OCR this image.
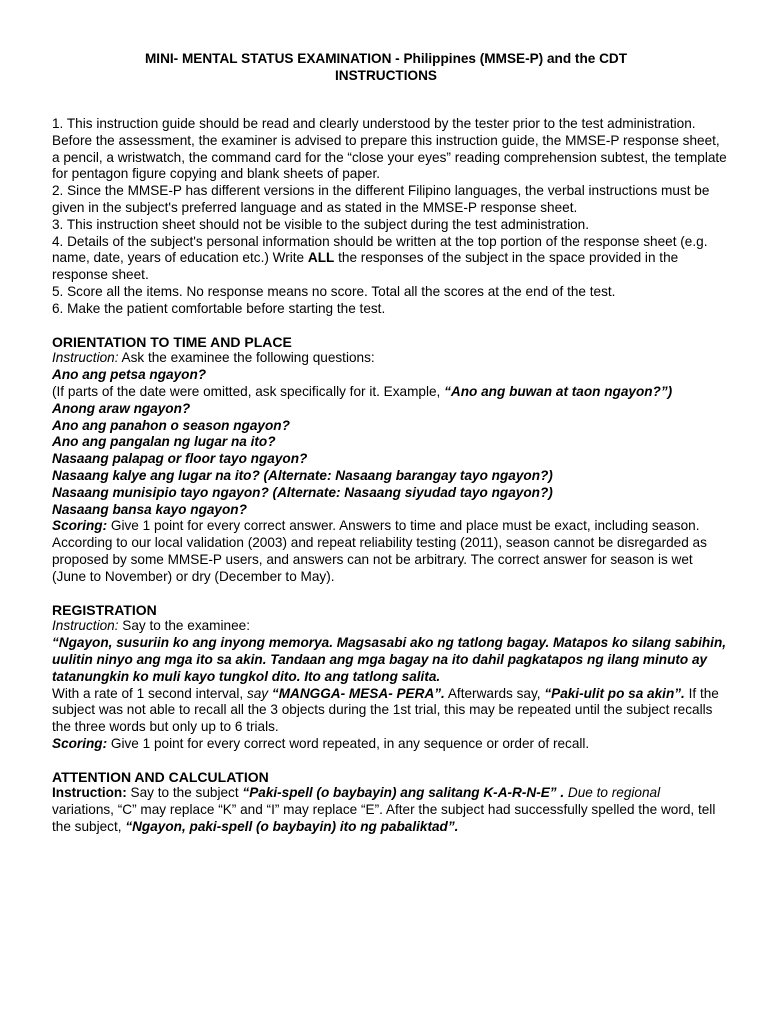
MINI- MENTAL STATUS EXAMINATION - Philippines (MMSE-P) and the CDT
INSTRUCTIONS

1. This instruction guide should be read and clearly understood by the tester prior to the test administration. Before the assessment, the examiner is advised to prepare this instruction guide, the MMSE-P response sheet, a pencil, a wristwatch, the command card for the “close your eyes” reading comprehension subtest, the template for pentagon figure copying and blank sheets of paper.

2. Since the MMSE-P has different versions in the different Filipino languages, the verbal instructions must be given in the subject's preferred language and as stated in the MMSE-P response sheet.

3. This instruction sheet should not be visible to the subject during the test administration.

4. Details of the subject's personal information should be written at the top portion of the response sheet (e.g. name, date, years of education etc.) Write ALL the responses of the subject in the space provided in the response sheet.

5. Score all the items. No response means no score. Total all the scores at the end of the test.

6. Make the patient comfortable before starting the test.

ORIENTATION TO TIME AND PLACE

Instruction: Ask the examinee the following questions:

Ano ang petsa ngayon?

(If parts of the date were omitted, ask specifically for it. Example, “Ano ang buwan at taon ngayon?”)

Anong araw ngayon?

Ano ang panahon o season ngayon?

Ano ang pangalan ng lugar na ito?

Nasaang palapag or floor tayo ngayon?

Nasaang kalye ang lugar na ito? (Alternate: Nasaang barangay tayo ngayon?)

Nasaang munisipio tayo ngayon? (Alternate: Nasaang siyudad tayo ngayon?)

Nasaang bansa kayo ngayon?

Scoring: Give 1 point for every correct answer. Answers to time and place must be exact, including season. According to our local validation (2003) and repeat reliability testing (2011), season cannot be disregarded as proposed by some MMSE-P users, and answers can not be arbitrary. The correct answer for season is wet (June to November) or dry (December to May).

REGISTRATION

Instruction: Say to the examinee:

“Ngayon, susuriin ko ang inyong memorya. Magsasabi ako ng tatlong bagay. Matapos ko silang sabihin, uulitin ninyo ang mga ito sa akin. Tandaan ang mga bagay na ito dahil pagkatapos ng ilang minuto ay tatanungkin ko muli kayo tungkol dito. Ito ang tatlong salita.

With a rate of 1 second interval, say “MANGGA- MESA- PERA”. Afterwards say, “Paki-ulit po sa akin”. If the subject was not able to recall all the 3 objects during the 1st trial, this may be repeated until the subject recalls the three words but only up to 6 trials.

Scoring: Give 1 point for every correct word repeated, in any sequence or order of recall.

ATTENTION AND CALCULATION

Instruction: Say to the subject “Paki-spell (o baybayin) ang salitang K-A-R-N-E” . Due to regional

variations, “C” may replace “K” and “I” may replace “E”. After the subject had successfully spelled the word, tell the subject, “Ngayon, paki-spell (o baybayin) ito ng pabaliktad”.
